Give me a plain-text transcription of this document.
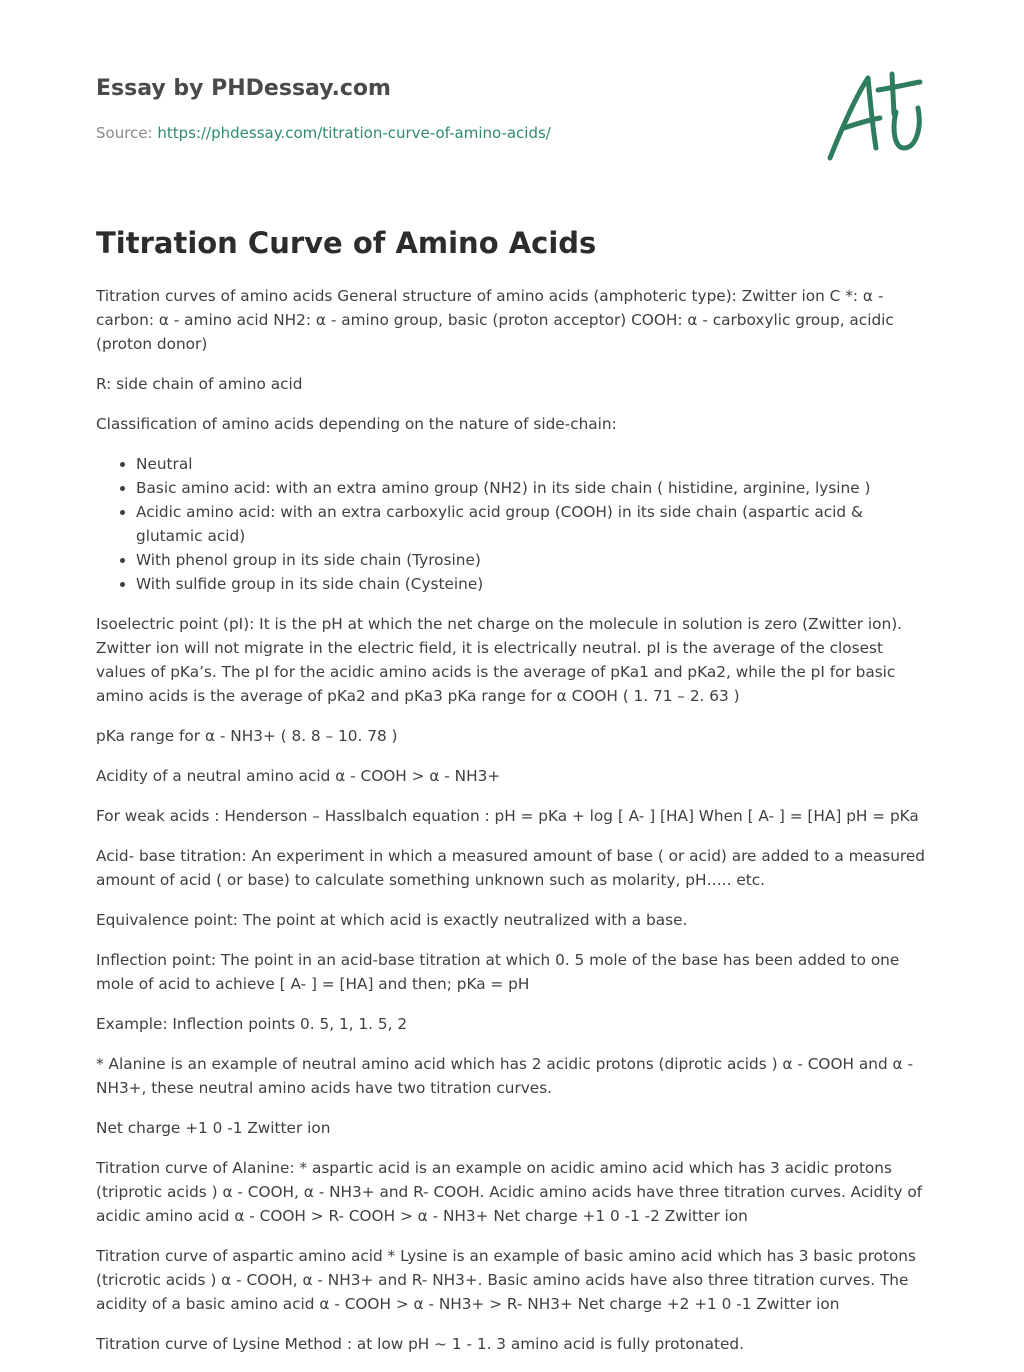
Essay by PHDessay.com
Source: https://phdessay.com/titration-curve-of-amino-acids/
Titration Curve of Amino Acids

Titration curves of amino acids General structure of amino acids (amphoteric type): Zwitter ion C *: α - carbon: α - amino acid NH2: α - amino group, basic (proton acceptor) COOH: α - carboxylic group, acidic (proton donor)

R: side chain of amino acid

Classification of amino acids depending on the nature of side-chain:

• Neutral
• Basic amino acid: with an extra amino group (NH2) in its side chain ( histidine, arginine, lysine )
• Acidic amino acid: with an extra carboxylic acid group (COOH) in its side chain (aspartic acid & glutamic acid)
• With phenol group in its side chain (Tyrosine)
• With sulfide group in its side chain (Cysteine)

Isoelectric point (pI): It is the pH at which the net charge on the molecule in solution is zero (Zwitter ion). Zwitter ion will not migrate in the electric field, it is electrically neutral. pI is the average of the closest values of pKa’s. The pI for the acidic amino acids is the average of pKa1 and pKa2, while the pI for basic amino acids is the average of pKa2 and pKa3 pKa range for α COOH ( 1. 71 – 2. 63 )

pKa range for α - NH3+ ( 8. 8 – 10. 78 )

Acidity of a neutral amino acid α - COOH > α - NH3+

For weak acids : Henderson – Hasslbalch equation : pH = pKa + log [ A- ] [HA] When [ A- ] = [HA] pH = pKa

Acid- base titration: An experiment in which a measured amount of base ( or acid) are added to a measured amount of acid ( or base) to calculate something unknown such as molarity, pH….. etc.

Equivalence point: The point at which acid is exactly neutralized with a base.

Inflection point: The point in an acid-base titration at which 0. 5 mole of the base has been added to one mole of acid to achieve [ A- ] = [HA] and then; pKa = pH

Example: Inflection points 0. 5, 1, 1. 5, 2

* Alanine is an example of neutral amino acid which has 2 acidic protons (diprotic acids ) α - COOH and α - NH3+, these neutral amino acids have two titration curves.

Net charge +1 0 -1 Zwitter ion

Titration curve of Alanine: * aspartic acid is an example on acidic amino acid which has 3 acidic protons (triprotic acids ) α - COOH, α - NH3+ and R- COOH. Acidic amino acids have three titration curves. Acidity of acidic amino acid α - COOH > R- COOH > α - NH3+ Net charge +1 0 -1 -2 Zwitter ion

Titration curve of aspartic amino acid * Lysine is an example of basic amino acid which has 3 basic protons (tricrotic acids ) α - COOH, α - NH3+ and R- NH3+. Basic amino acids have also three titration curves. The acidity of a basic amino acid α - COOH > α - NH3+ > R- NH3+ Net charge +2 +1 0 -1 Zwitter ion

Titration curve of Lysine Method : at low pH ~ 1 - 1. 3 amino acid is fully protonated.
